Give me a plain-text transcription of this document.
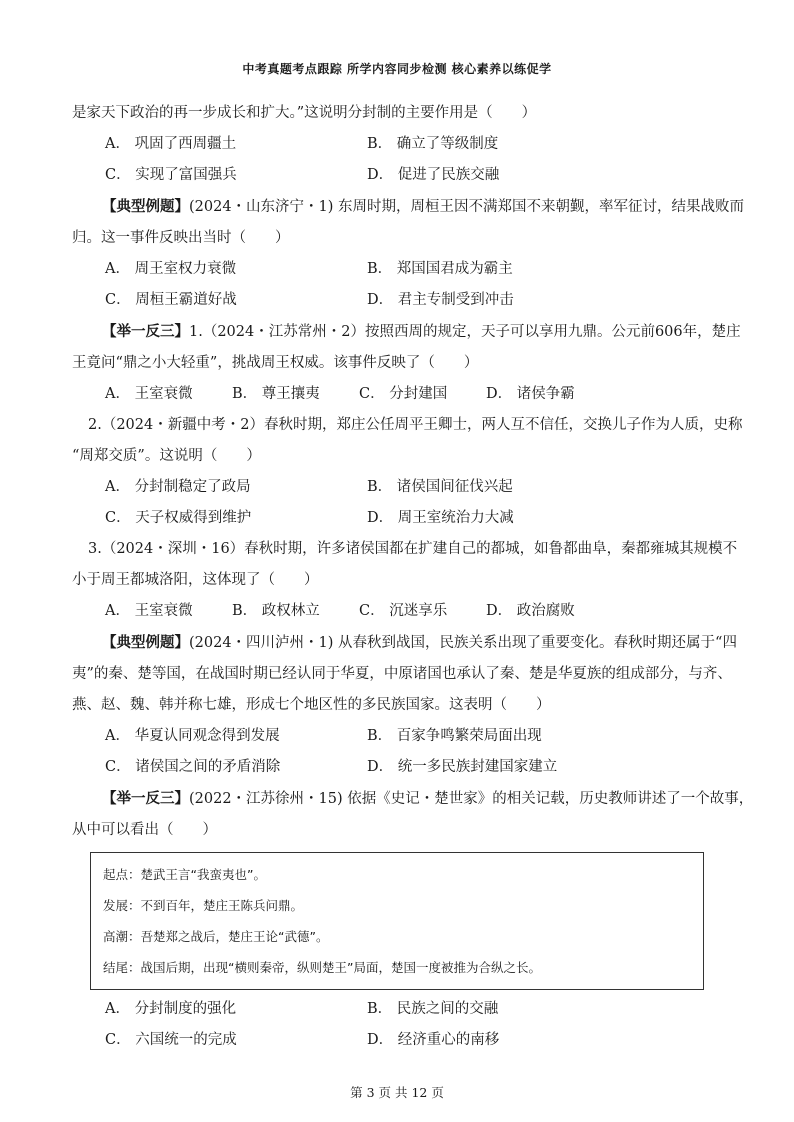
中考真题考点跟踪 所学内容同步检测 核心素养以练促学
是家天下政治的再一步成长和扩大。”这说明分封制的主要作用是（　　）
A． 巩固了西周疆土	B． 确立了等级制度
C． 实现了富国强兵	D． 促进了民族交融
【典型例题】(2024・山东济宁・1) 东周时期，周桓王因不满郑国不来朝觐，率军征讨，结果战败而
归。这一事件反映出当时（　　）
A． 周王室权力衰微	B． 郑国国君成为霸主
C． 周桓王霸道好战	D． 君主专制受到冲击
【举一反三】1.（2024・江苏常州・2）按照西周的规定，天子可以享用九鼎。公元前606年，楚庄
王竟问“鼎之小大轻重”，挑战周王权威。该事件反映了（　　）
A． 王室衰微	B． 尊王攘夷	C． 分封建国	D． 诸侯争霸
2.（2024・新疆中考・2）春秋时期，郑庄公任周平王卿士，两人互不信任，交换儿子作为人质，史称
“周郑交质”。这说明（　　）
A． 分封制稳定了政局	B． 诸侯国间征伐兴起
C． 天子权威得到维护	D． 周王室统治力大减
3.（2024・深圳・16）春秋时期，许多诸侯国都在扩建自己的都城，如鲁都曲阜，秦都雍城其规模不
小于周王都城洛阳，这体现了（　　）
A． 王室衰微	B． 政权林立	C． 沉迷享乐	D． 政治腐败
【典型例题】(2024・四川泸州・1) 从春秋到战国，民族关系出现了重要变化。春秋时期还属于“四
夷”的秦、楚等国，在战国时期已经认同于华夏，中原诸国也承认了秦、楚是华夏族的组成部分，与齐、
燕、赵、魏、韩并称七雄，形成七个地区性的多民族国家。这表明（　　）
A． 华夏认同观念得到发展	B． 百家争鸣繁荣局面出现
C． 诸侯国之间的矛盾消除	D． 统一多民族封建国家建立
【举一反三】(2022・江苏徐州・15) 依据《史记・楚世家》的相关记载，历史教师讲述了一个故事，
从中可以看出（　　）
起点：楚武王言“我蛮夷也”。
发展：不到百年，楚庄王陈兵问鼎。
高潮：吾楚郑之战后，楚庄王论“武德”。
结尾：战国后期，出现“横则秦帝，纵则楚王”局面，楚国一度被推为合纵之长。
A． 分封制度的强化	B． 民族之间的交融
C． 六国统一的完成	D． 经济重心的南移
第 3 页 共 12 页
